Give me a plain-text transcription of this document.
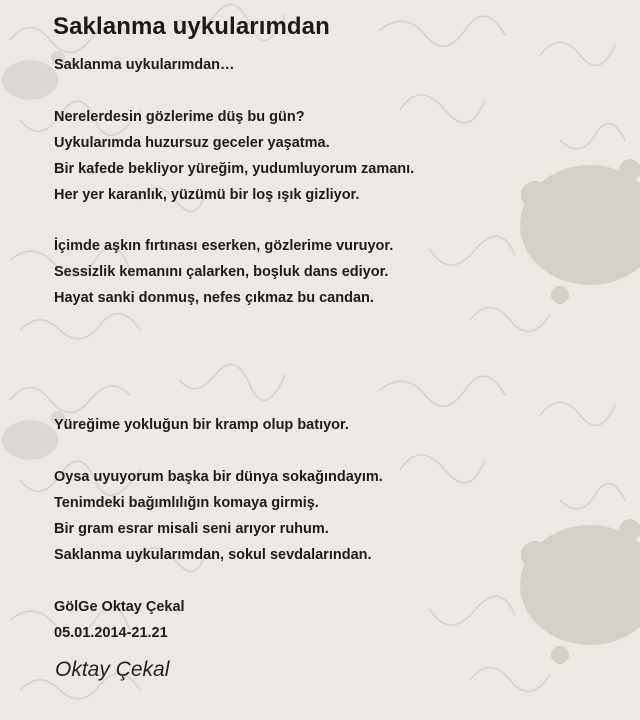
Saklanma uykularımdan

Saklanma uykularımdan…

Nerelerdesin gözlerime düş bu gün?

Uykularımda huzursuz geceler yaşatma.

Bir kafede bekliyor yüreğim, yudumluyorum zamanı.

Her yer karanlık, yüzümü bir loş ışık gizliyor.

İçimde aşkın fırtınası eserken, gözlerime vuruyor.

Sessizlik kemanını çalarken, boşluk dans ediyor.

Hayat sanki donmuş, nefes çıkmaz bu candan.

Yüreğime yokluğun bir kramp olup batıyor.

Oysa uyuyorum başka bir dünya sokağındayım.

Tenimdeki bağımlılığın komaya girmiş.

Bir gram esrar misali seni arıyor ruhum.

Saklanma uykularımdan, sokul sevdalarından.

GölGe Oktay Çekal

05.01.2014-21.21

Oktay Çekal
